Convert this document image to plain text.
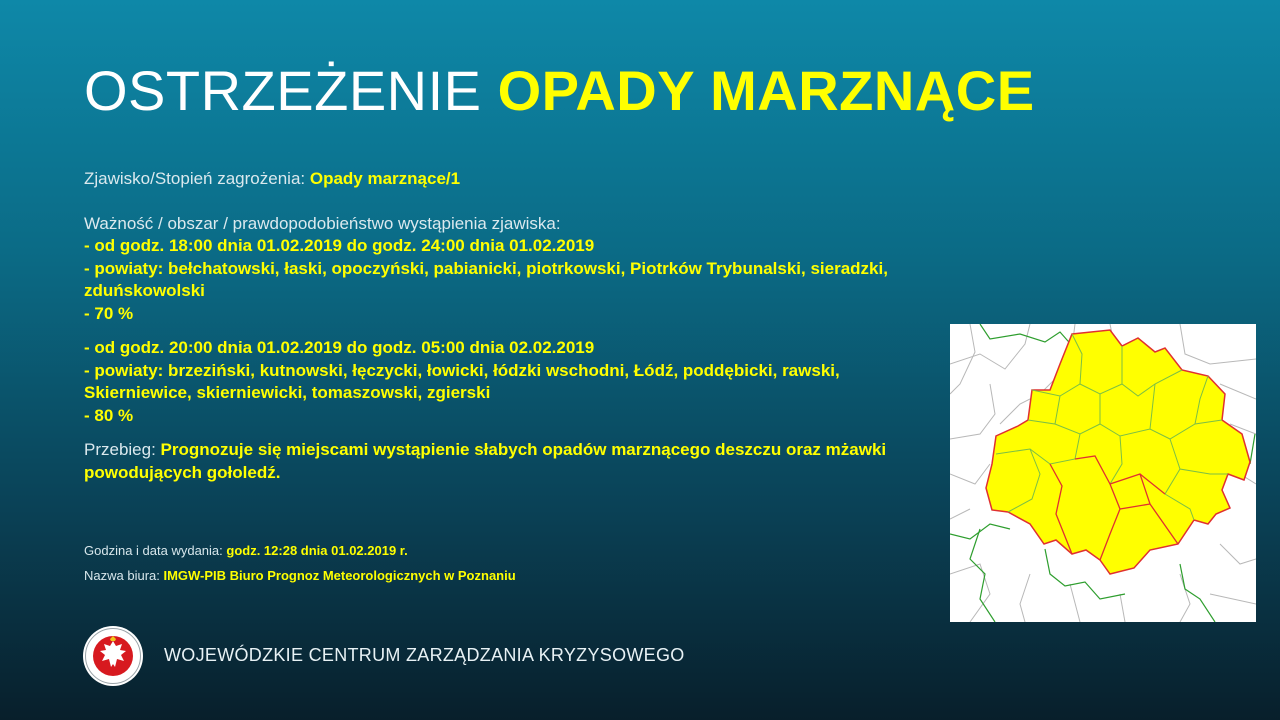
OSTRZEŻENIE OPADY MARZNĄCE

Zjawisko/Stopień zagrożenia: Opady marznące/1

Ważność / obszar / prawdopodobieństwo wystąpienia zjawiska:

- od godz. 18:00 dnia 01.02.2019 do godz. 24:00 dnia 01.02.2019

- powiaty: bełchatowski, łaski, opoczyński, pabianicki, piotrkowski, Piotrków Trybunalski, sieradzki, zduńskowolski

- 70 %

- od godz. 20:00 dnia 01.02.2019 do godz. 05:00 dnia 02.02.2019

- powiaty: brzeziński, kutnowski, łęczycki, łowicki, łódzki wschodni, Łódź, poddębicki, rawski, Skierniewice, skierniewicki, tomaszowski, zgierski

- 80 %

Przebieg: Prognozuje się miejscami wystąpienie słabych opadów marznącego deszczu oraz mżawki powodujących gołoledź.

Godzina i data wydania: godz. 12:28 dnia 01.02.2019 r.
Nazwa biura: IMGW-PIB Biuro Prognoz Meteorologicznych w Poznaniu
WOJEWÓDZKIE CENTRUM ZARZĄDZANIA KRYZYSOWEGO
